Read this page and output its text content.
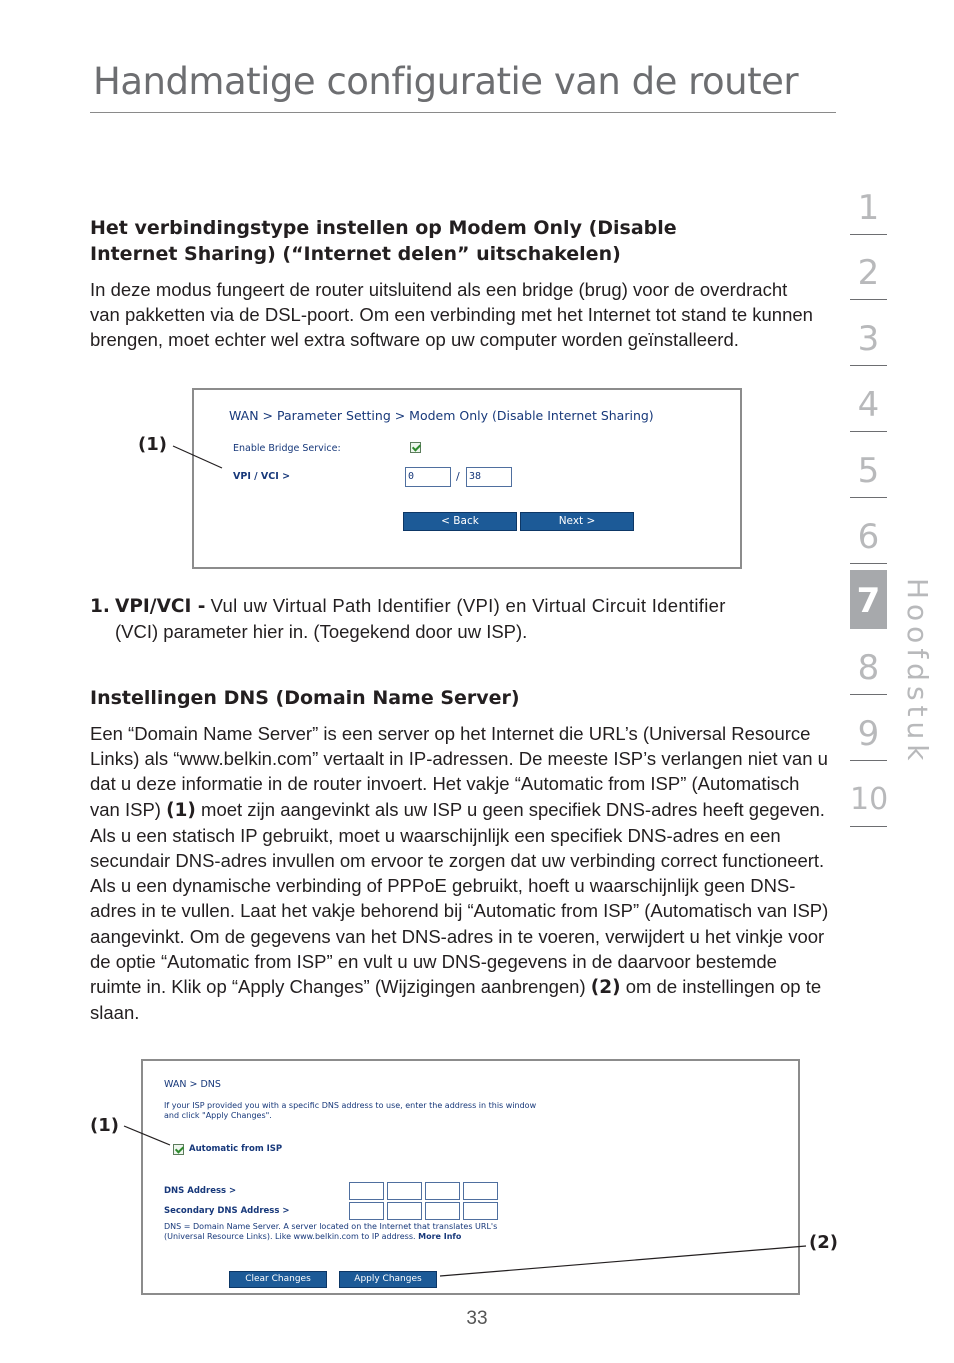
Handmatige configuratie van de router
1
2
3
4
5
6
7
8
9
10
Hoofdstuk
Het verbindingstype instellen op Modem Only (Disable
Internet Sharing) (“Internet delen” uitschakelen)
In deze modus fungeert de router uitsluitend als een bridge (brug) voor de overdracht van pakketten via de DSL-poort. Om een verbinding met het Internet tot stand te kunnen brengen, moet echter wel extra software op uw computer worden geïnstalleerd.
WAN > Parameter Setting > Modem Only (Disable Internet Sharing)
Enable Bridge Service:
VPI / VCI >	0	/ 38
< Back	Next >
(1)
1. VPI/VCI - Vul uw Virtual Path Identifier (VPI) en Virtual Circuit Identifier
(VCI) parameter hier in. (Toegekend door uw ISP).
Instellingen DNS (Domain Name Server)
Een “Domain Name Server” is een server op het Internet die URL’s (Universal Resource Links) als “www.belkin.com” vertaalt in IP-adressen. De meeste ISP’s verlangen niet van u dat u deze informatie in de router invoert. Het vakje “Automatic from ISP” (Automatisch van ISP) (1) moet zijn aangevinkt als uw ISP u geen specifiek DNS-adres heeft gegeven. Als u een statisch IP gebruikt, moet u waarschijnlijk een specifiek DNS-adres en een secundair DNS-adres invullen om ervoor te zorgen dat uw verbinding correct functioneert. Als u een dynamische verbinding of PPPoE gebruikt, hoeft u waarschijnlijk geen DNS-adres in te vullen. Laat het vakje behorend bij “Automatic from ISP” (Automatisch van ISP) aangevinkt. Om de gegevens van het DNS-adres in te voeren, verwijdert u het vinkje voor de optie “Automatic from ISP” en vult u uw DNS-gegevens in de daarvoor bestemde ruimte in. Klik op “Apply Changes” (Wijzigingen aanbrengen) (2) om de instellingen op te slaan.
WAN > DNS
If your ISP provided you with a specific DNS address to use, enter the address in this window
and click "Apply Changes".
Automatic from ISP
DNS Address >
Secondary DNS Address >
DNS = Domain Name Server. A server located on the Internet that translates URL's
(Universal Resource Links). Like www.belkin.com to IP address. More Info
Clear Changes	Apply Changes
(1)
(2)
33
